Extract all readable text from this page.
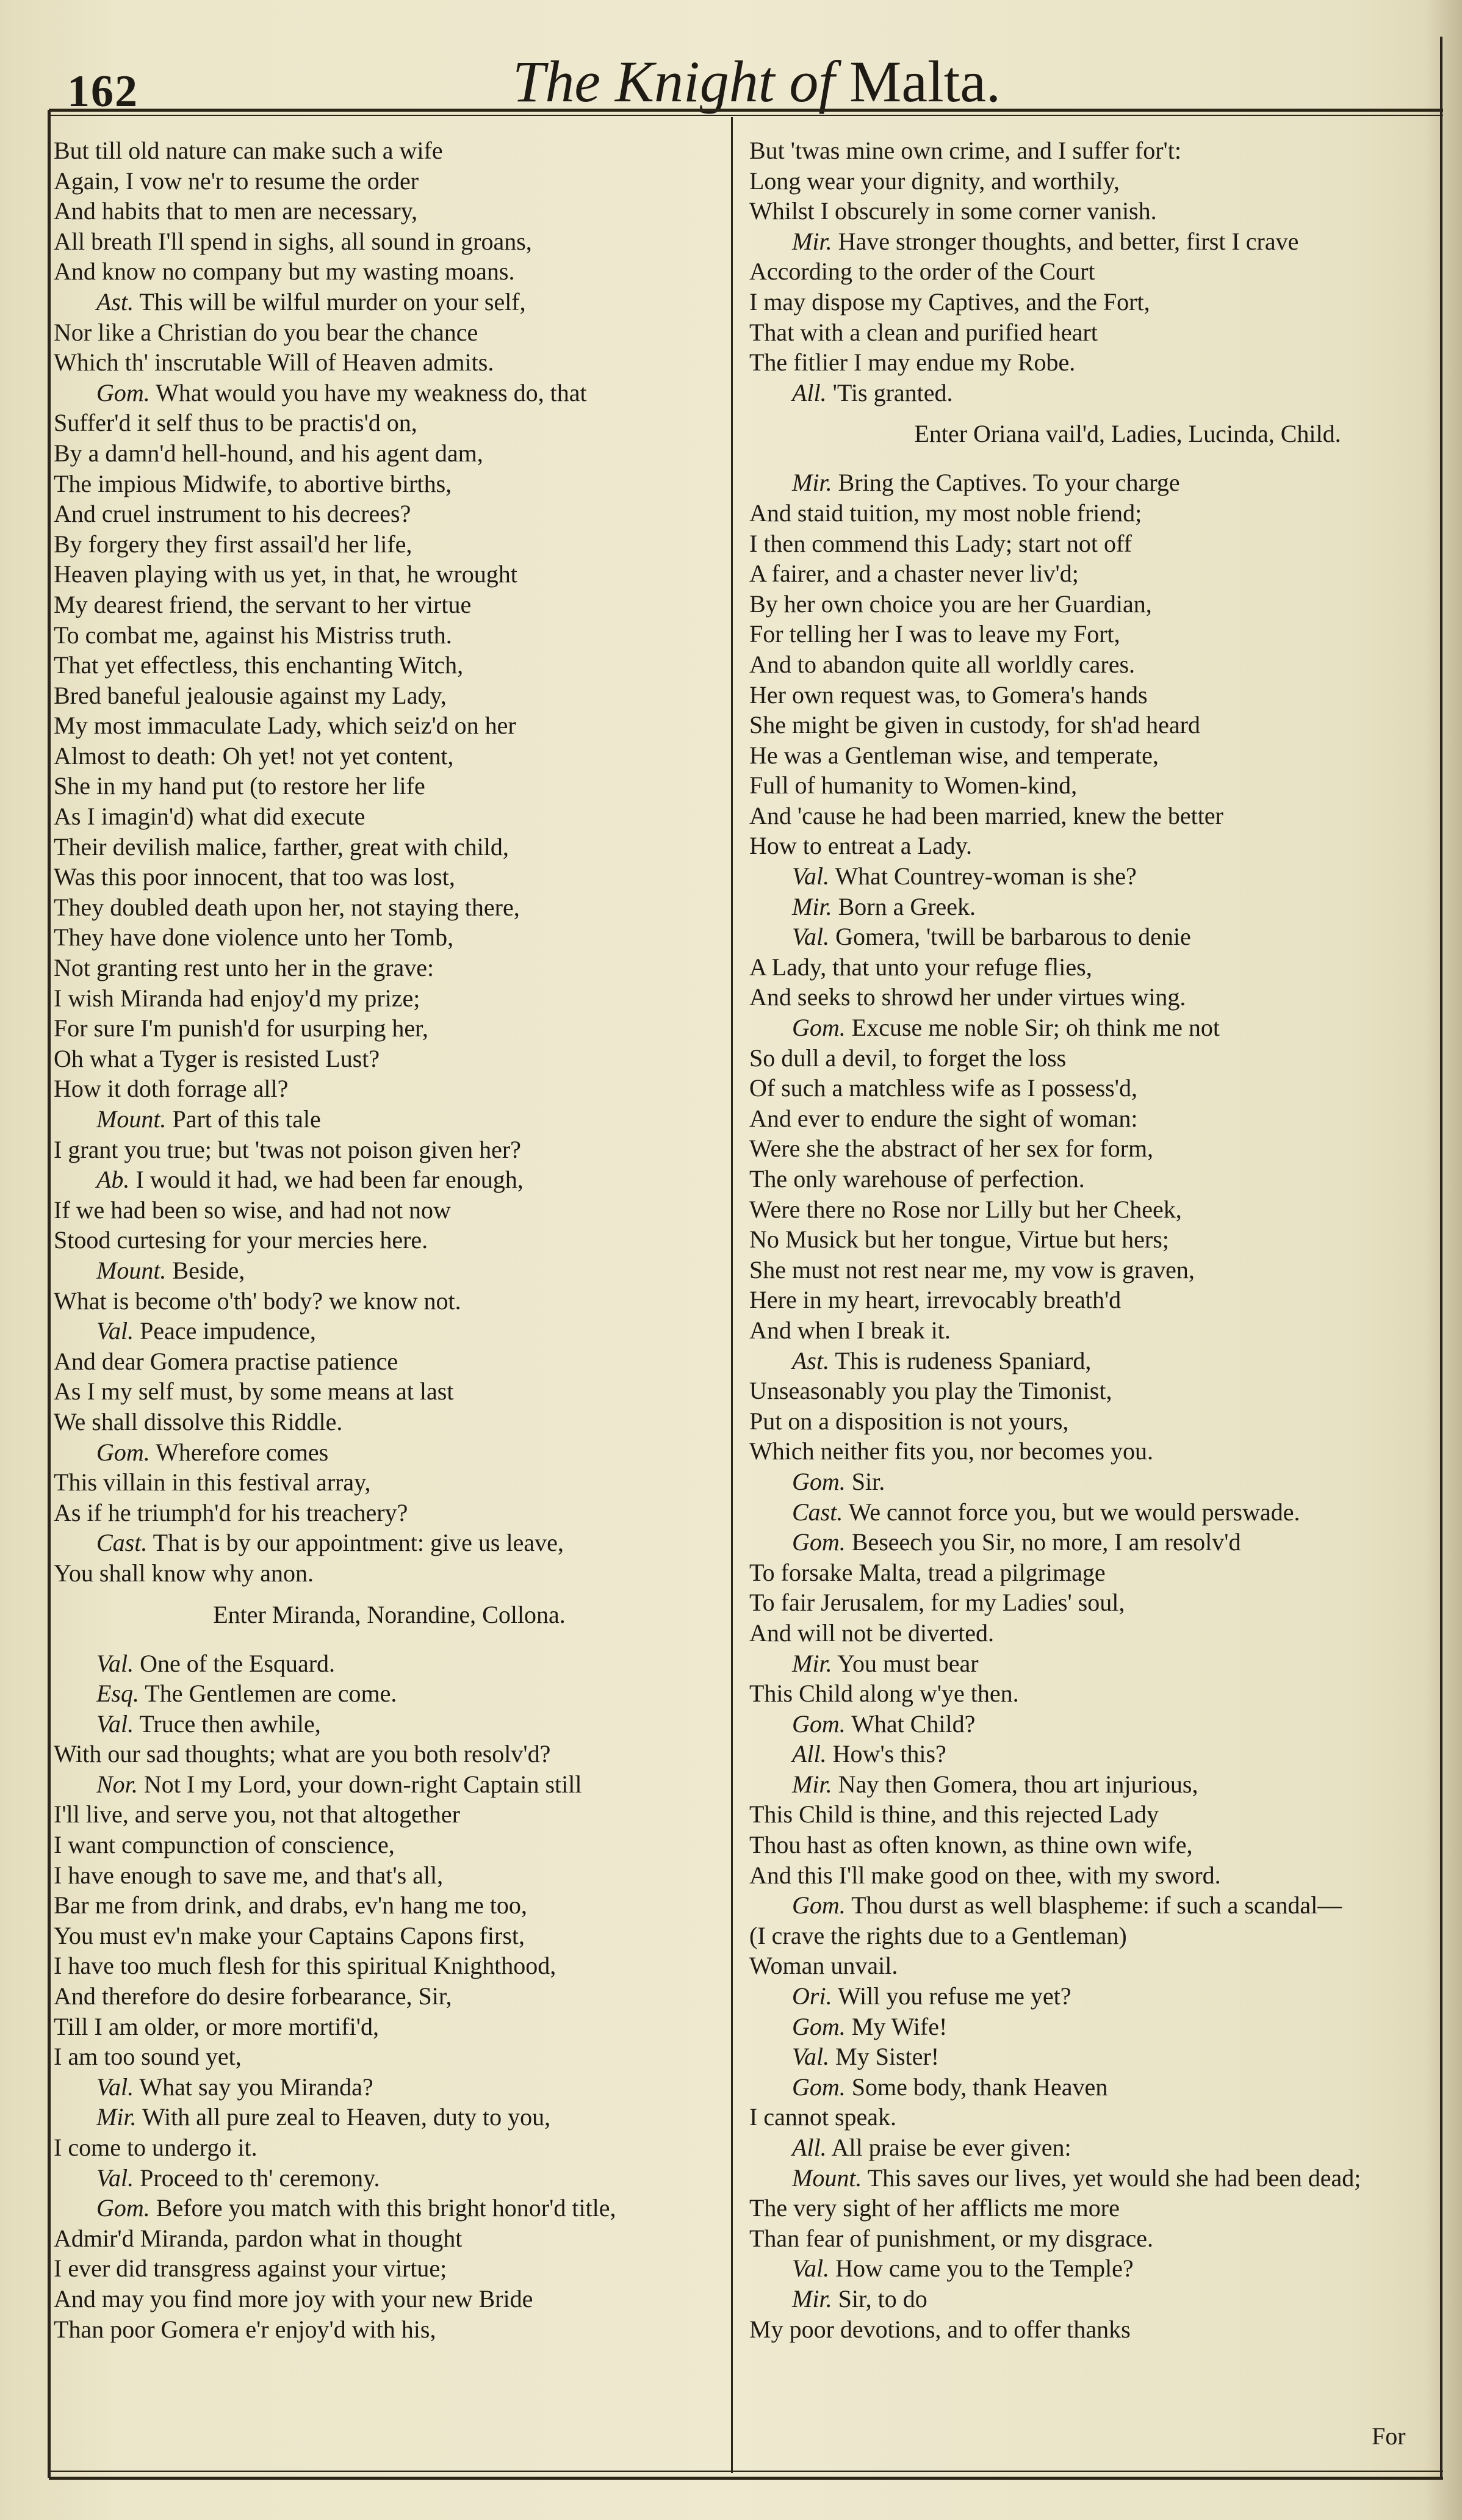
162	The Knight of Malta.
But till old nature can make such a wife
Again, I vow ne'r to resume the order
And habits that to men are necessary,
All breath I'll spend in sighs, all sound in groans,
And know no company but my wasting moans.
Ast. This will be wilful murder on your self,
Nor like a Christian do you bear the chance
Which th' inscrutable Will of Heaven admits.
Gom. What would you have my weakness do, that
Suffer'd it self thus to be practis'd on,
By a damn'd hell-hound, and his agent dam,
The impious Midwife, to abortive births,
And cruel instrument to his decrees?
By forgery they first assail'd her life,
Heaven playing with us yet, in that, he wrought
My dearest friend, the servant to her virtue
To combat me, against his Mistriss truth.
That yet effectless, this enchanting Witch,
Bred baneful jealousie against my Lady,
My most immaculate Lady, which seiz'd on her
Almost to death: Oh yet! not yet content,
She in my hand put (to restore her life
As I imagin'd) what did execute
Their devilish malice, farther, great with child,
Was this poor innocent, that too was lost,
They doubled death upon her, not staying there,
They have done violence unto her Tomb,
Not granting rest unto her in the grave:
I wish Miranda had enjoy'd my prize;
For sure I'm punish'd for usurping her,
Oh what a Tyger is resisted Lust?
How it doth forrage all?
Mount. Part of this tale
I grant you true; but 'twas not poison given her?
Ab. I would it had, we had been far enough,
If we had been so wise, and had not now
Stood curtesing for your mercies here.
Mount. Beside,
What is become o'th' body? we know not.
Val. Peace impudence,
And dear Gomera practise patience
As I my self must, by some means at last
We shall dissolve this Riddle.
Gom. Wherefore comes
This villain in this festival array,
As if he triumph'd for his treachery?
Cast. That is by our appointment: give us leave,
You shall know why anon.
Enter Miranda, Norandine, Collona.
Val. One of the Esquard.
Esq. The Gentlemen are come.
Val. Truce then awhile,
With our sad thoughts; what are you both resolv'd?
Nor. Not I my Lord, your down-right Captain still
I'll live, and serve you, not that altogether
I want compunction of conscience,
I have enough to save me, and that's all,
Bar me from drink, and drabs, ev'n hang me too,
You must ev'n make your Captains Capons first,
I have too much flesh for this spiritual Knighthood,
And therefore do desire forbearance, Sir,
Till I am older, or more mortifi'd,
I am too sound yet,
Val. What say you Miranda?
Mir. With all pure zeal to Heaven, duty to you,
I come to undergo it.
Val. Proceed to th' ceremony.
Gom. Before you match with this bright honor'd title,
Admir'd Miranda, pardon what in thought
I ever did transgress against your virtue;
And may you find more joy with your new Bride
Than poor Gomera e'r enjoy'd with his,
But 'twas mine own crime, and I suffer for't:
Long wear your dignity, and worthily,
Whilst I obscurely in some corner vanish.
Mir. Have stronger thoughts, and better, first I crave
According to the order of the Court
I may dispose my Captives, and the Fort,
That with a clean and purified heart
The fitlier I may endue my Robe.
All. 'Tis granted.
Enter Oriana vail'd, Ladies, Lucinda, Child.
Mir. Bring the Captives. To your charge
And staid tuition, my most noble friend;
I then commend this Lady; start not off
A fairer, and a chaster never liv'd;
By her own choice you are her Guardian,
For telling her I was to leave my Fort,
And to abandon quite all worldly cares.
Her own request was, to Gomera's hands
She might be given in custody, for sh'ad heard
He was a Gentleman wise, and temperate,
Full of humanity to Women-kind,
And 'cause he had been married, knew the better
How to entreat a Lady.
Val. What Countrey-woman is she?
Mir. Born a Greek.
Val. Gomera, 'twill be barbarous to denie
A Lady, that unto your refuge flies,
And seeks to shrowd her under virtues wing.
Gom. Excuse me noble Sir; oh think me not
So dull a devil, to forget the loss
Of such a matchless wife as I possess'd,
And ever to endure the sight of woman:
Were she the abstract of her sex for form,
The only warehouse of perfection.
Were there no Rose nor Lilly but her Cheek,
No Musick but her tongue, Virtue but hers;
She must not rest near me, my vow is graven,
Here in my heart, irrevocably breath'd
And when I break it.
Ast. This is rudeness Spaniard,
Unseasonably you play the Timonist,
Put on a disposition is not yours,
Which neither fits you, nor becomes you.
Gom. Sir.
Cast. We cannot force you, but we would perswade.
Gom. Beseech you Sir, no more, I am resolv'd
To forsake Malta, tread a pilgrimage
To fair Jerusalem, for my Ladies' soul,
And will not be diverted.
Mir. You must bear
This Child along w'ye then.
Gom. What Child?
All. How's this?
Mir. Nay then Gomera, thou art injurious,
This Child is thine, and this rejected Lady
Thou hast as often known, as thine own wife,
And this I'll make good on thee, with my sword.
Gom. Thou durst as well blaspheme: if such a scandal—
(I crave the rights due to a Gentleman)
Woman unvail.
Ori. Will you refuse me yet?
Gom. My Wife!
Val. My Sister!
Gom. Some body, thank Heaven
I cannot speak.
All. All praise be ever given:
Mount. This saves our lives, yet would she had been dead;
The very sight of her afflicts me more
Than fear of punishment, or my disgrace.
Val. How came you to the Temple?
Mir. Sir, to do
My poor devotions, and to offer thanks
For
